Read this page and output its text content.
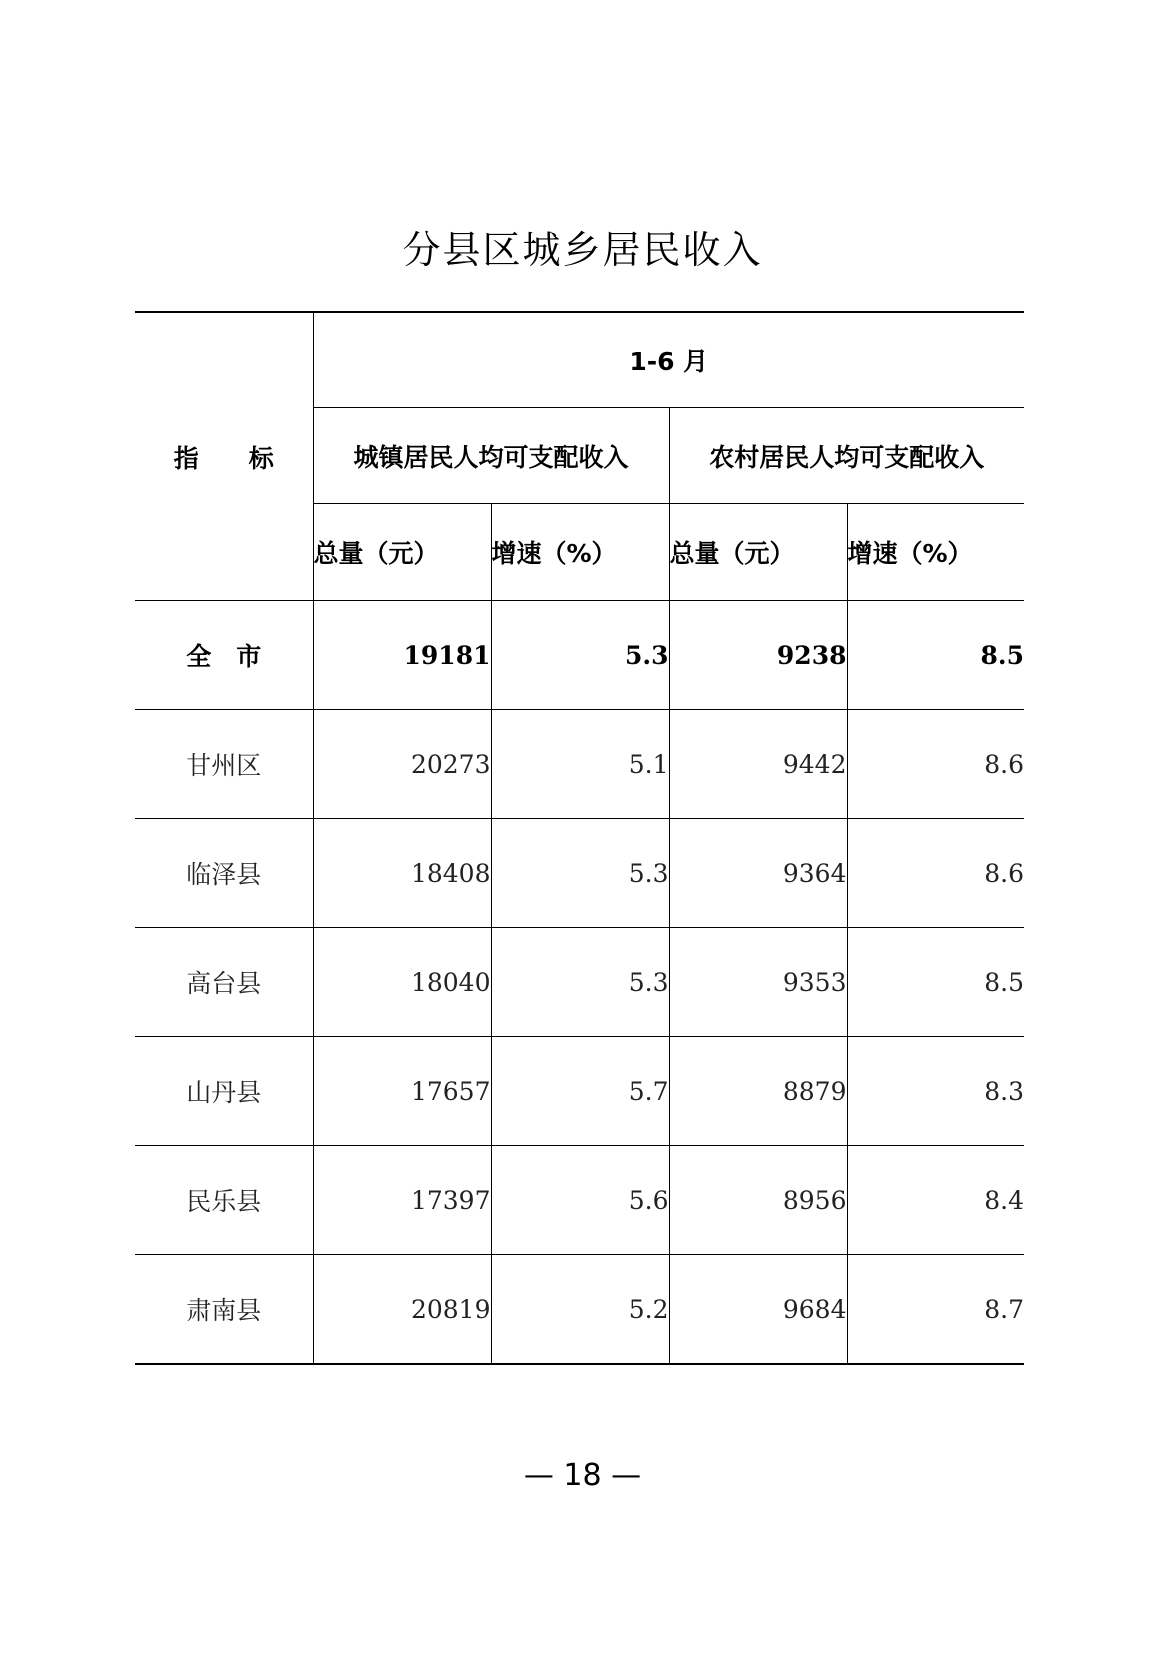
分县区城乡居民收入
指　　标	1-6 月			
	城镇居民人均可支配收入		农村居民人均可支配收入	
	总量（元）	增速（%）	总量（元）	增速（%）
全　市	19181	5.3	9238	8.5
甘州区	20273	5.1	9442	8.6
临泽县	18408	5.3	9364	8.6
高台县	18040	5.3	9353	8.5
山丹县	17657	5.7	8879	8.3
民乐县	17397	5.6	8956	8.4
肃南县	20819	5.2	9684	8.7
— 18 —
